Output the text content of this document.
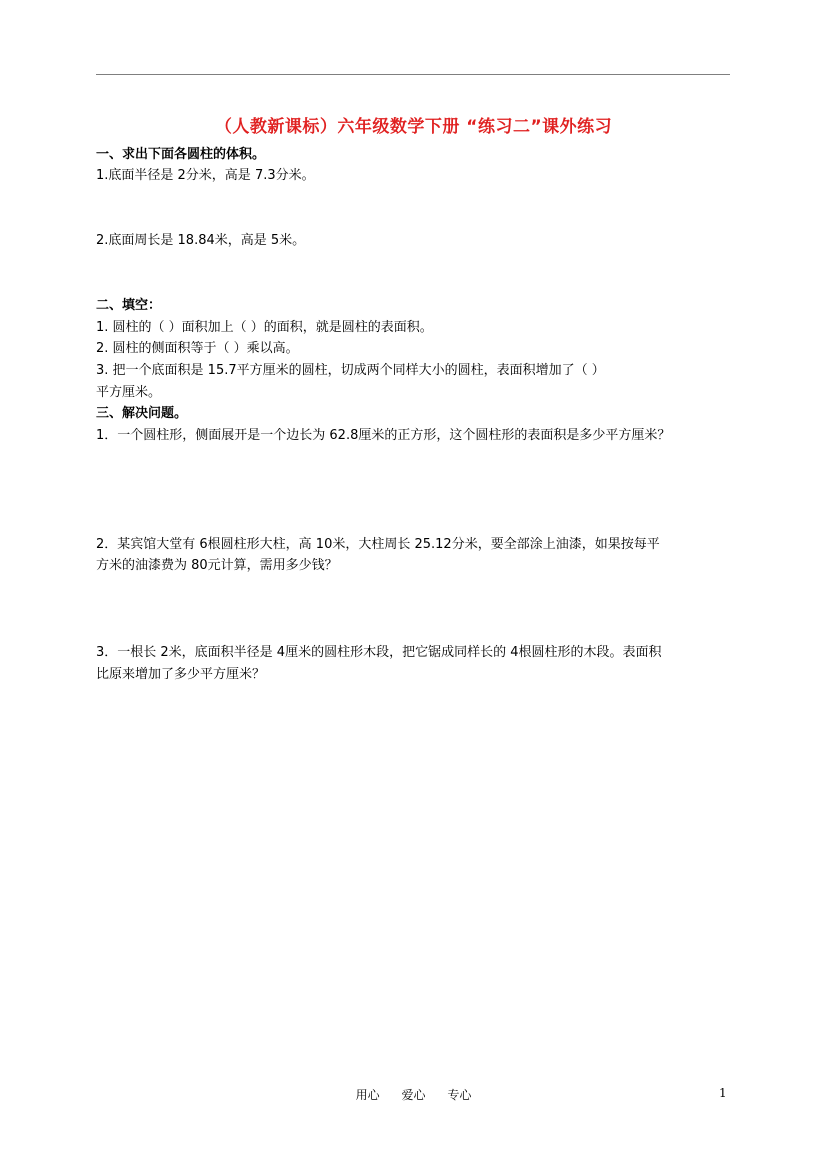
（人教新课标）六年级数学下册 “练习二”课外练习
一、求出下面各圆柱的体积。
1.底面半径是 2分米，高是 7.3分米。
2.底面周长是 18.84米，高是 5米。
二、填空：
1. 圆柱的（ ）面积加上（ ）的面积，就是圆柱的表面积。
2. 圆柱的侧面积等于（ ）乘以高。
3. 把一个底面积是 15.7平方厘米的圆柱，切成两个同样大小的圆柱，表面积增加了（ ）
平方厘米。
三、解决问题。
1．一个圆柱形，侧面展开是一个边长为 62.8厘米的正方形，这个圆柱形的表面积是多少平方厘米？
2．某宾馆大堂有 6根圆柱形大柱，高 10米，大柱周长 25.12分米，要全部涂上油漆，如果按每平
方米的油漆费为 80元计算，需用多少钱？
3．一根长 2米，底面积半径是 4厘米的圆柱形木段，把它锯成同样长的 4根圆柱形的木段。表面积
比原来增加了多少平方厘米？
用心 爱心 专心	1
